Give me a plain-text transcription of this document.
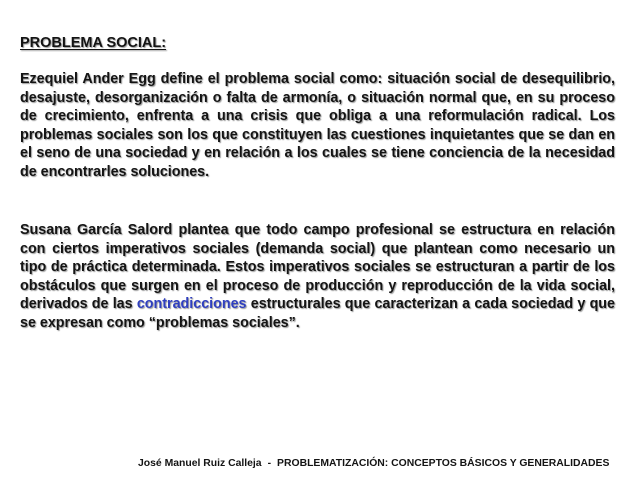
PROBLEMA SOCIAL:

Ezequiel Ander Egg define el problema social como: situación social de desequilibrio, desajuste, desorganización o falta de armonía, o situación normal que, en su proceso de crecimiento, enfrenta a una crisis que obliga a una reformulación radical. Los problemas sociales son los que constituyen las cuestiones inquietantes que se dan en el seno de una sociedad y en relación a los cuales se tiene conciencia de la necesidad de encontrarles soluciones.

Susana García Salord plantea que todo campo profesional se estructura en relación con ciertos imperativos sociales (demanda social) que plantean como necesario un tipo de práctica determinada. Estos imperativos sociales se estructuran a partir de los obstáculos que surgen en el proceso de producción y reproducción de la vida social, derivados de las contradicciones estructurales que caracterizan a cada sociedad y que se expresan como “problemas sociales”.

José Manuel Ruiz Calleja - PROBLEMATIZACIÓN: CONCEPTOS BÁSICOS Y GENERALIDADES
